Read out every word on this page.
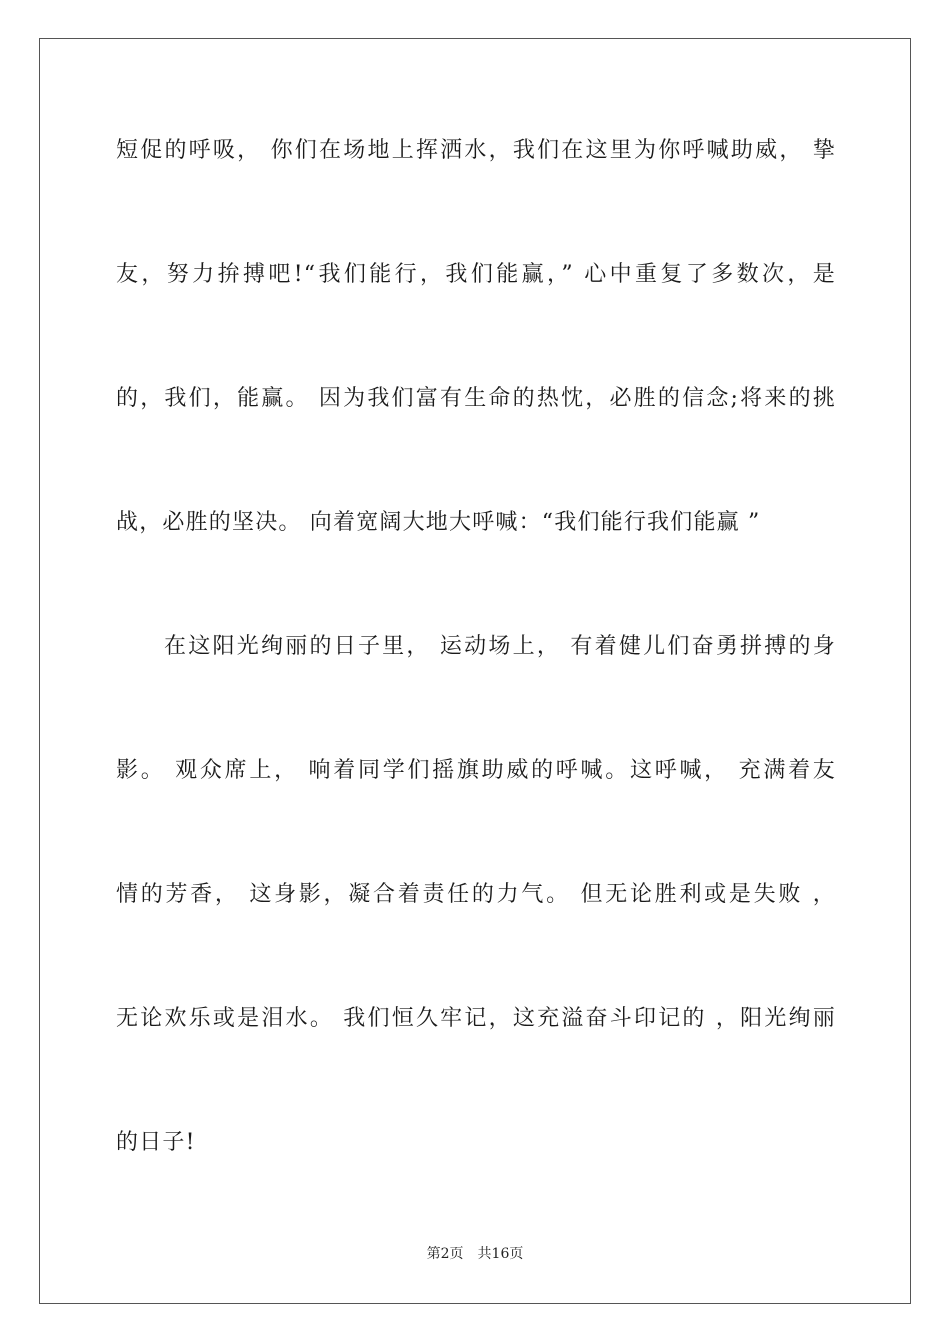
短促的呼吸， 你们在场地上挥洒水，我们在这里为你呼喊助威， 挚
友，努力拚搏吧!“我们能行，我们能赢，” 心中重复了多数次，是
的，我们，能赢。 因为我们富有生命的热忱，必胜的信念;将来的挑
战，必胜的坚决。 向着宽阔大地大呼喊：“我们能行我们能赢 ”
在这阳光绚丽的日子里， 运动场上， 有着健儿们奋勇拼搏的身
影。 观众席上， 响着同学们摇旗助威的呼喊。这呼喊， 充满着友
情的芳香， 这身影，凝合着责任的力气。 但无论胜利或是失败 ，
无论欢乐或是泪水。 我们恒久牢记，这充溢奋斗印记的 ，阳光绚丽
的日子!
第2页 共16页
